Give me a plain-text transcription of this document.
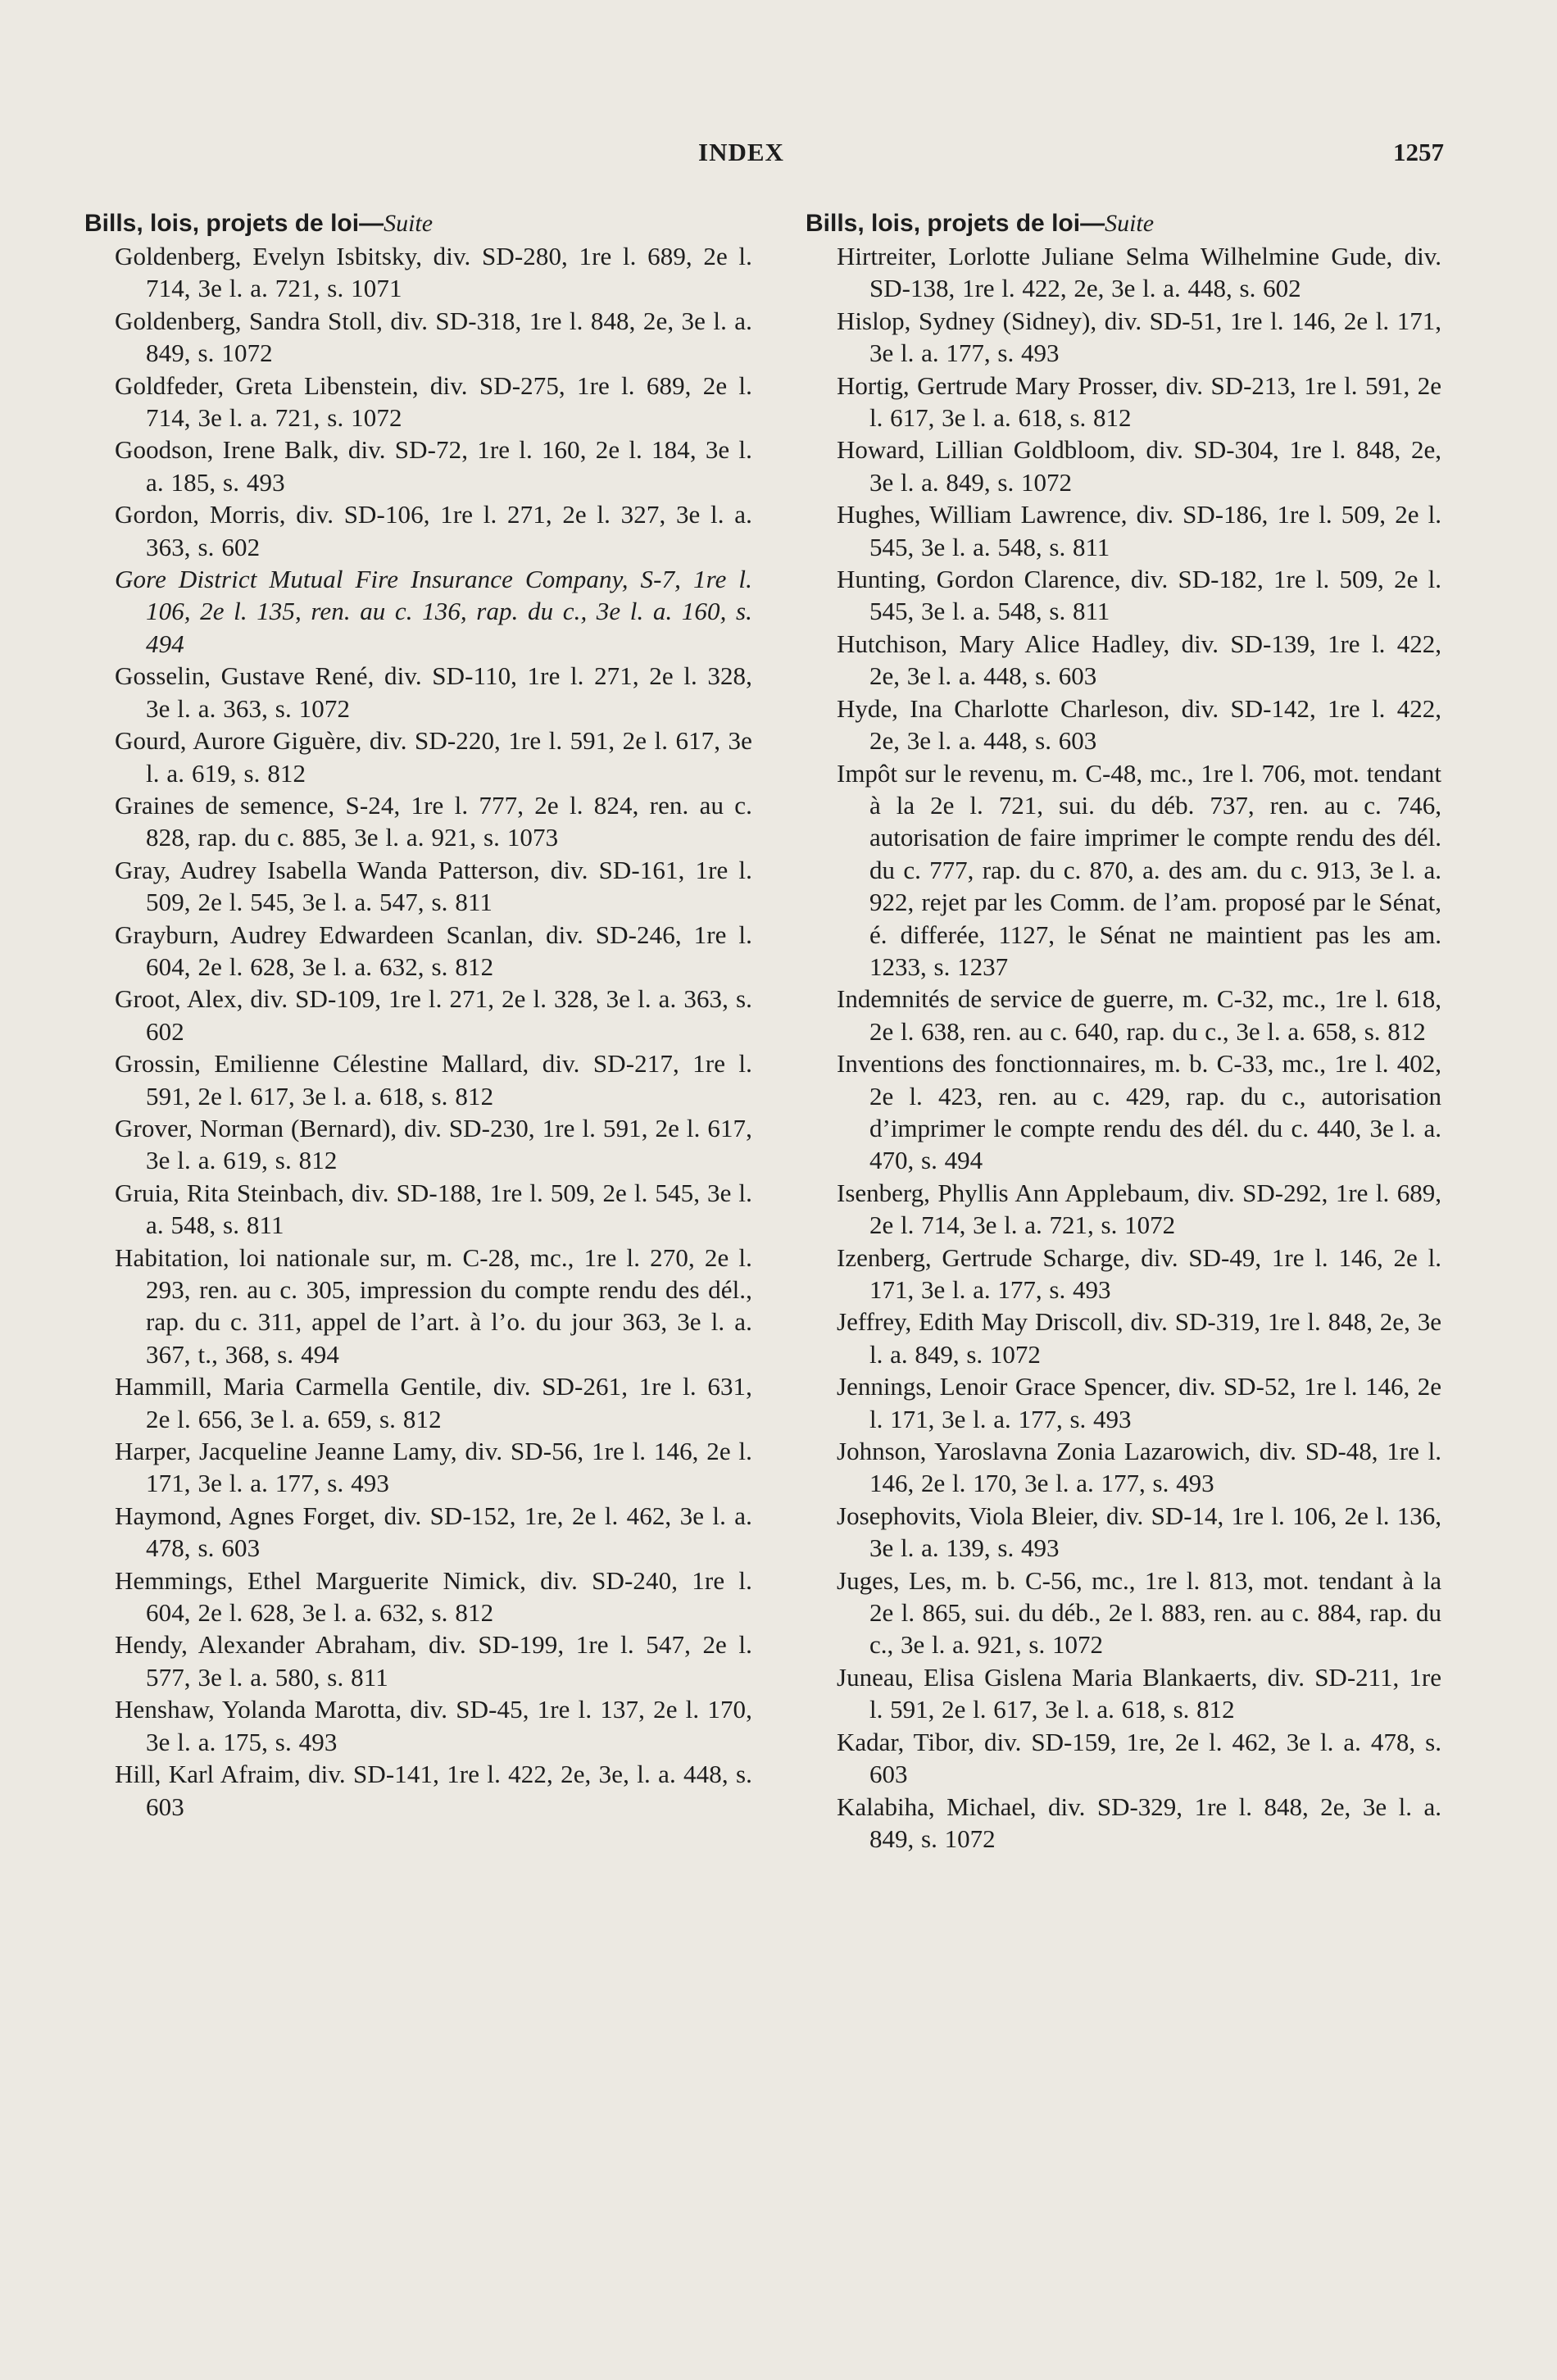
INDEX	1257
Bills, lois, projets de loi—Suite

Goldenberg, Evelyn Isbitsky, div. SD-280, 1re l. 689, 2e l. 714, 3e l. a. 721, s. 1071

Goldenberg, Sandra Stoll, div. SD-318, 1re l. 848, 2e, 3e l. a. 849, s. 1072

Goldfeder, Greta Libenstein, div. SD-275, 1re l. 689, 2e l. 714, 3e l. a. 721, s. 1072

Goodson, Irene Balk, div. SD-72, 1re l. 160, 2e l. 184, 3e l. a. 185, s. 493

Gordon, Morris, div. SD-106, 1re l. 271, 2e l. 327, 3e l. a. 363, s. 602

Gore District Mutual Fire Insurance Company, S-7, 1re l. 106, 2e l. 135, ren. au c. 136, rap. du c., 3e l. a. 160, s. 494

Gosselin, Gustave René, div. SD-110, 1re l. 271, 2e l. 328, 3e l. a. 363, s. 1072

Gourd, Aurore Giguère, div. SD-220, 1re l. 591, 2e l. 617, 3e l. a. 619, s. 812

Graines de semence, S-24, 1re l. 777, 2e l. 824, ren. au c. 828, rap. du c. 885, 3e l. a. 921, s. 1073

Gray, Audrey Isabella Wanda Patterson, div. SD-161, 1re l. 509, 2e l. 545, 3e l. a. 547, s. 811

Grayburn, Audrey Edwardeen Scanlan, div. SD-246, 1re l. 604, 2e l. 628, 3e l. a. 632, s. 812

Groot, Alex, div. SD-109, 1re l. 271, 2e l. 328, 3e l. a. 363, s. 602

Grossin, Emilienne Célestine Mallard, div. SD-217, 1re l. 591, 2e l. 617, 3e l. a. 618, s. 812

Grover, Norman (Bernard), div. SD-230, 1re l. 591, 2e l. 617, 3e l. a. 619, s. 812

Gruia, Rita Steinbach, div. SD-188, 1re l. 509, 2e l. 545, 3e l. a. 548, s. 811

Habitation, loi nationale sur, m. C-28, mc., 1re l. 270, 2e l. 293, ren. au c. 305, impression du compte rendu des dél., rap. du c. 311, appel de l’art. à l’o. du jour 363, 3e l. a. 367, t., 368, s. 494

Hammill, Maria Carmella Gentile, div. SD-261, 1re l. 631, 2e l. 656, 3e l. a. 659, s. 812

Harper, Jacqueline Jeanne Lamy, div. SD-56, 1re l. 146, 2e l. 171, 3e l. a. 177, s. 493

Haymond, Agnes Forget, div. SD-152, 1re, 2e l. 462, 3e l. a. 478, s. 603

Hemmings, Ethel Marguerite Nimick, div. SD-240, 1re l. 604, 2e l. 628, 3e l. a. 632, s. 812

Hendy, Alexander Abraham, div. SD-199, 1re l. 547, 2e l. 577, 3e l. a. 580, s. 811

Henshaw, Yolanda Marotta, div. SD-45, 1re l. 137, 2e l. 170, 3e l. a. 175, s. 493

Hill, Karl Afraim, div. SD-141, 1re l. 422, 2e, 3e, l. a. 448, s. 603

Bills, lois, projets de loi—Suite

Hirtreiter, Lorlotte Juliane Selma Wilhelmine Gude, div. SD-138, 1re l. 422, 2e, 3e l. a. 448, s. 602

Hislop, Sydney (Sidney), div. SD-51, 1re l. 146, 2e l. 171, 3e l. a. 177, s. 493

Hortig, Gertrude Mary Prosser, div. SD-213, 1re l. 591, 2e l. 617, 3e l. a. 618, s. 812

Howard, Lillian Goldbloom, div. SD-304, 1re l. 848, 2e, 3e l. a. 849, s. 1072

Hughes, William Lawrence, div. SD-186, 1re l. 509, 2e l. 545, 3e l. a. 548, s. 811

Hunting, Gordon Clarence, div. SD-182, 1re l. 509, 2e l. 545, 3e l. a. 548, s. 811

Hutchison, Mary Alice Hadley, div. SD-139, 1re l. 422, 2e, 3e l. a. 448, s. 603

Hyde, Ina Charlotte Charleson, div. SD-142, 1re l. 422, 2e, 3e l. a. 448, s. 603

Impôt sur le revenu, m. C-48, mc., 1re l. 706, mot. tendant à la 2e l. 721, sui. du déb. 737, ren. au c. 746, autorisation de faire imprimer le compte rendu des dél. du c. 777, rap. du c. 870, a. des am. du c. 913, 3e l. a. 922, rejet par les Comm. de l’am. proposé par le Sénat, é. differée, 1127, le Sénat ne maintient pas les am. 1233, s. 1237

Indemnités de service de guerre, m. C-32, mc., 1re l. 618, 2e l. 638, ren. au c. 640, rap. du c., 3e l. a. 658, s. 812

Inventions des fonctionnaires, m. b. C-33, mc., 1re l. 402, 2e l. 423, ren. au c. 429, rap. du c., autorisation d’imprimer le compte rendu des dél. du c. 440, 3e l. a. 470, s. 494

Isenberg, Phyllis Ann Applebaum, div. SD-292, 1re l. 689, 2e l. 714, 3e l. a. 721, s. 1072

Izenberg, Gertrude Scharge, div. SD-49, 1re l. 146, 2e l. 171, 3e l. a. 177, s. 493

Jeffrey, Edith May Driscoll, div. SD-319, 1re l. 848, 2e, 3e l. a. 849, s. 1072

Jennings, Lenoir Grace Spencer, div. SD-52, 1re l. 146, 2e l. 171, 3e l. a. 177, s. 493

Johnson, Yaroslavna Zonia Lazarowich, div. SD-48, 1re l. 146, 2e l. 170, 3e l. a. 177, s. 493

Josephovits, Viola Bleier, div. SD-14, 1re l. 106, 2e l. 136, 3e l. a. 139, s. 493

Juges, Les, m. b. C-56, mc., 1re l. 813, mot. tendant à la 2e l. 865, sui. du déb., 2e l. 883, ren. au c. 884, rap. du c., 3e l. a. 921, s. 1072

Juneau, Elisa Gislena Maria Blankaerts, div. SD-211, 1re l. 591, 2e l. 617, 3e l. a. 618, s. 812

Kadar, Tibor, div. SD-159, 1re, 2e l. 462, 3e l. a. 478, s. 603

Kalabiha, Michael, div. SD-329, 1re l. 848, 2e, 3e l. a. 849, s. 1072
